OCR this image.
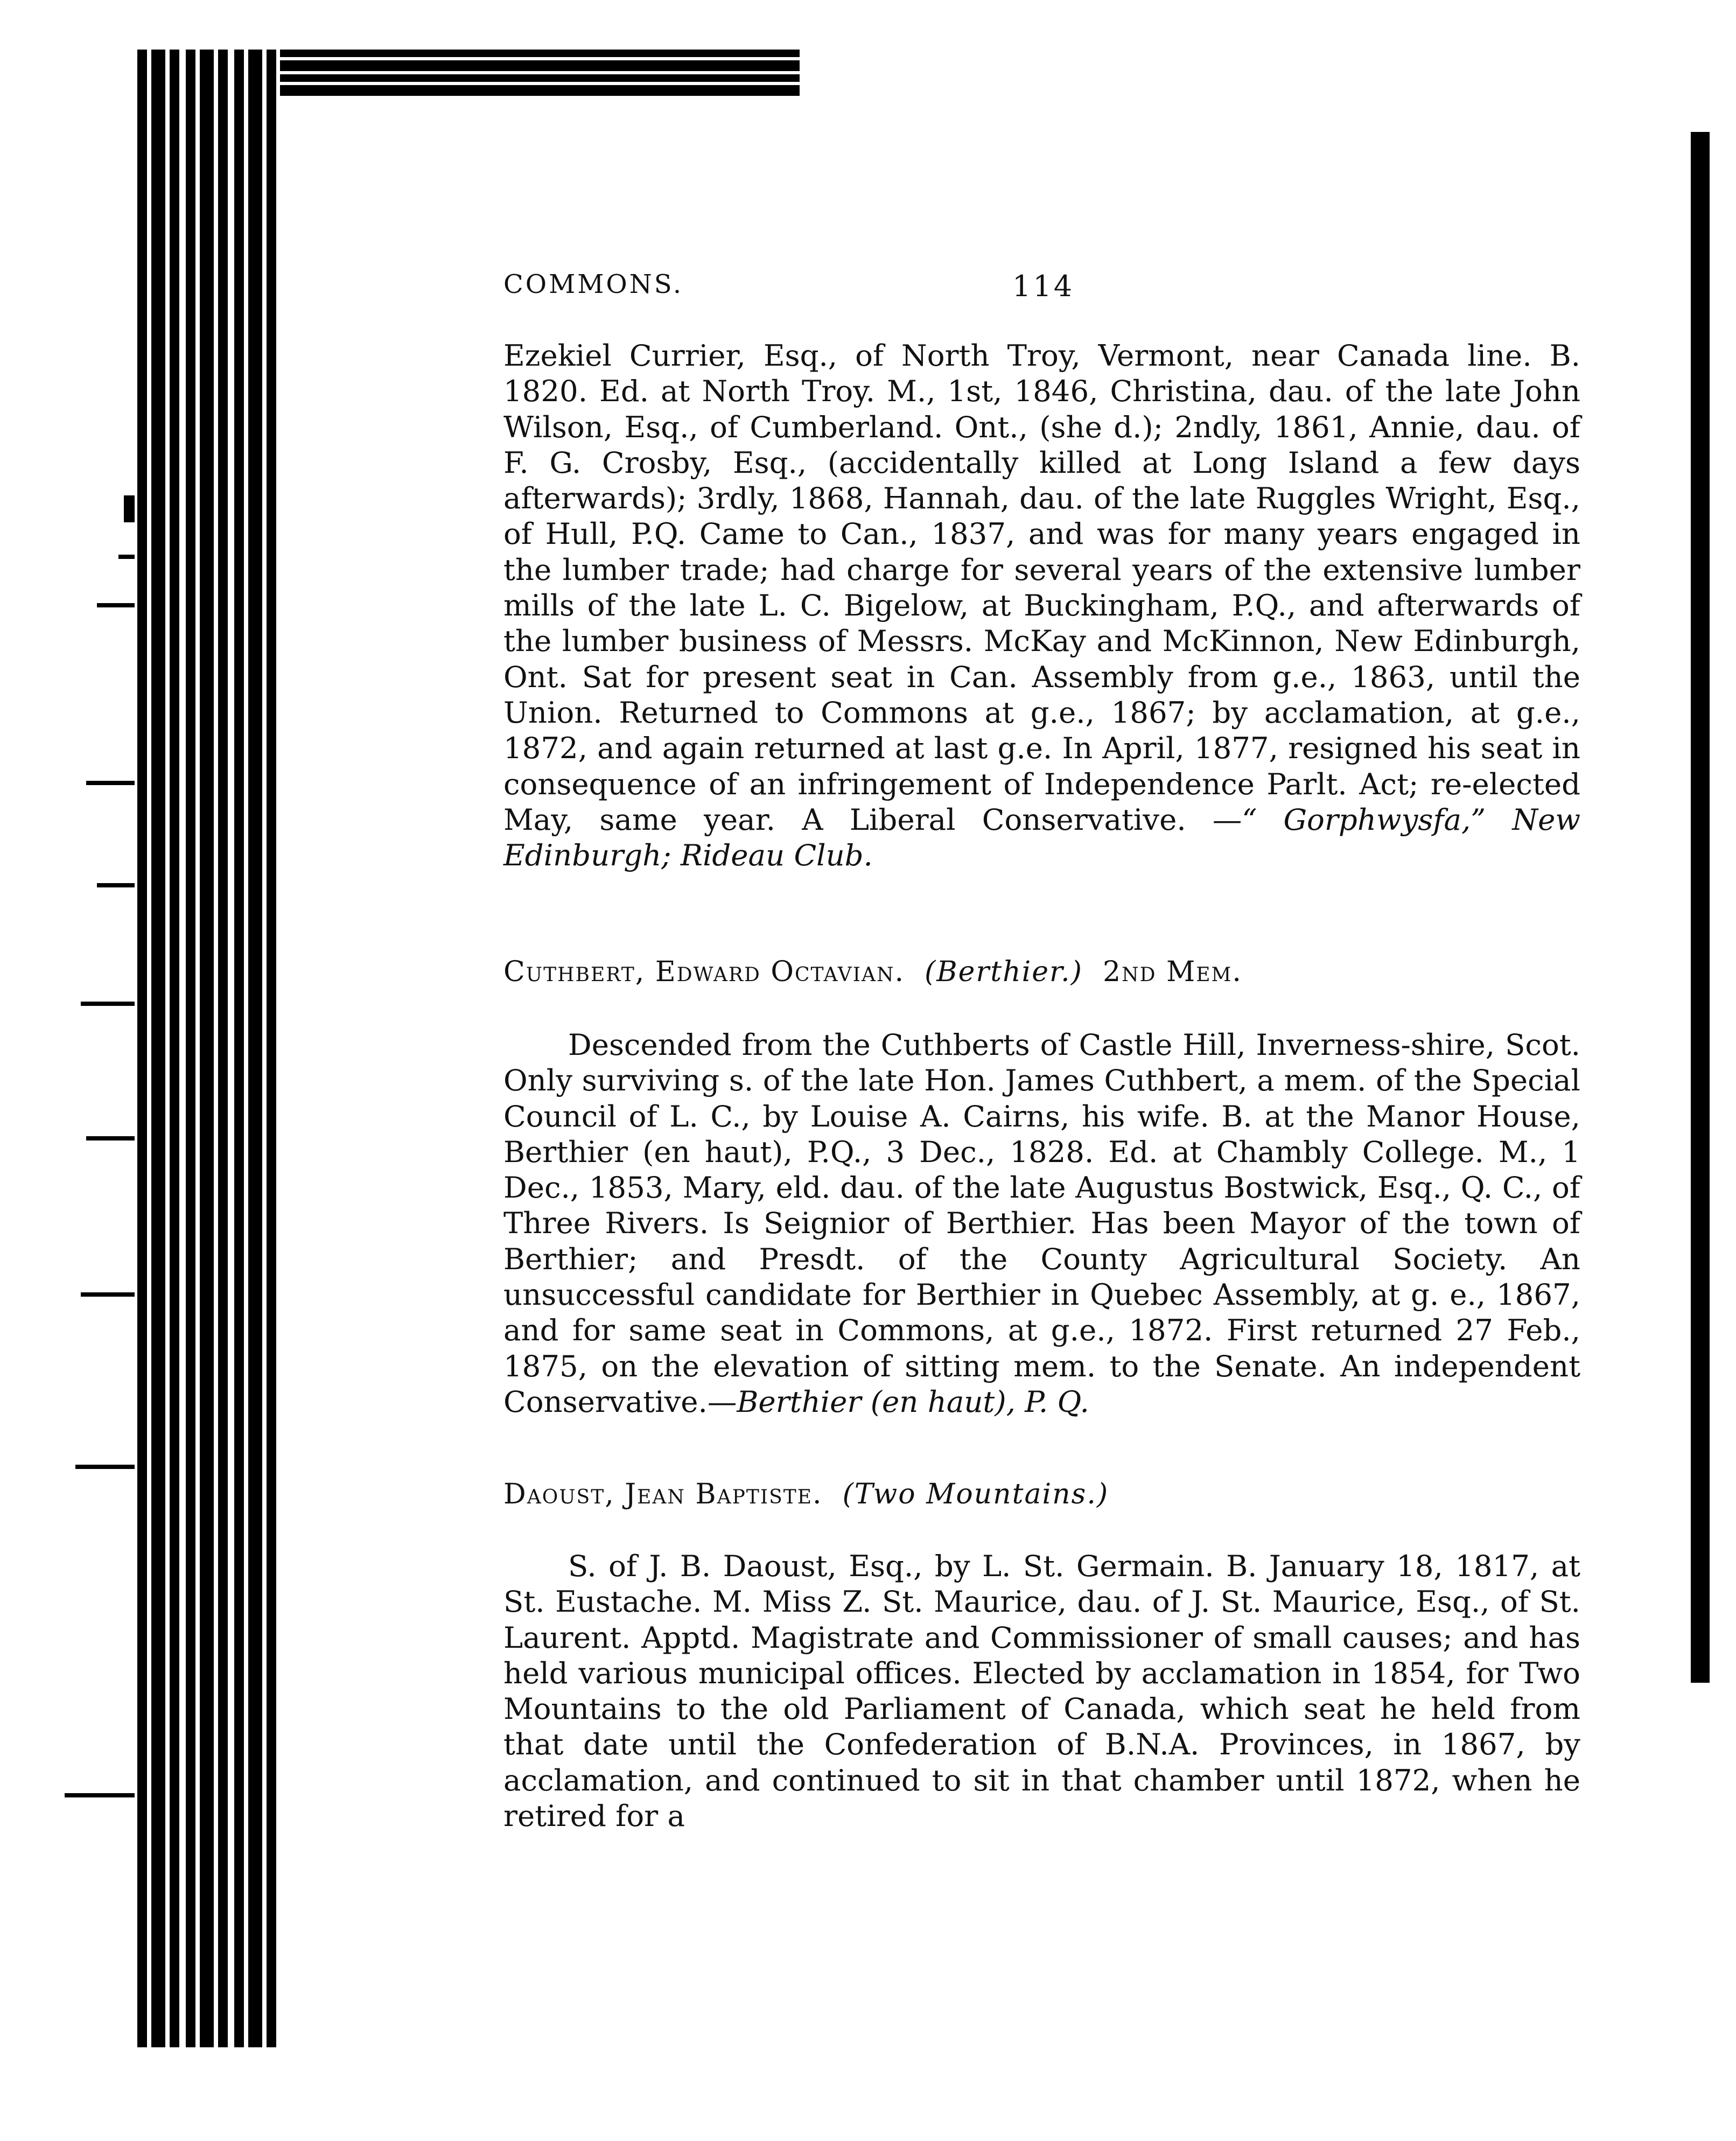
COMMONS.	114

Ezekiel Currier, Esq., of North Troy, Vermont, near Canada line. B. 1820. Ed. at North Troy. M., 1st, 1846, Christina, dau. of the late John Wilson, Esq., of Cumberland. Ont., (she d.); 2ndly, 1861, Annie, dau. of F. G. Crosby, Esq., (accidentally killed at Long Island a few days afterwards); 3rdly, 1868, Hannah, dau. of the late Ruggles Wright, Esq., of Hull, P.Q. Came to Can., 1837, and was for many years engaged in the lumber trade; had charge for several years of the extensive lumber mills of the late L. C. Bigelow, at Buckingham, P.Q., and afterwards of the lumber business of Messrs. McKay and McKinnon, New Edinburgh, Ont. Sat for present seat in Can. Assembly from g.e., 1863, until the Union. Returned to Commons at g.e., 1867; by acclamation, at g.e., 1872, and again returned at last g.e. In April, 1877, resigned his seat in consequence of an infringement of Independence Parlt. Act; re-elected May, same year. A Liberal Conservative. —“ Gorphwysfa,” New Edinburgh; Rideau Club.

Cuthbert, Edward Octavian. (Berthier.) 2nd Mem.

Descended from the Cuthberts of Castle Hill, Inverness-shire, Scot. Only surviving s. of the late Hon. James Cuthbert, a mem. of the Special Council of L. C., by Louise A. Cairns, his wife. B. at the Manor House, Berthier (en haut), P.Q., 3 Dec., 1828. Ed. at Chambly College. M., 1 Dec., 1853, Mary, eld. dau. of the late Augustus Bostwick, Esq., Q. C., of Three Rivers. Is Seignior of Berthier. Has been Mayor of the town of Berthier; and Presdt. of the County Agricultural Society. An unsuccessful candidate for Berthier in Quebec Assembly, at g. e., 1867, and for same seat in Commons, at g.e., 1872. First returned 27 Feb., 1875, on the elevation of sitting mem. to the Senate. An independent Conservative.—Berthier (en haut), P. Q.

Daoust, Jean Baptiste. (Two Mountains.)

S. of J. B. Daoust, Esq., by L. St. Germain. B. January 18, 1817, at St. Eustache. M. Miss Z. St. Maurice, dau. of J. St. Maurice, Esq., of St. Laurent. Apptd. Magistrate and Commissioner of small causes; and has held various municipal offices. Elected by acclamation in 1854, for Two Mountains to the old Parliament of Canada, which seat he held from that date until the Confederation of B.N.A. Provinces, in 1867, by acclamation, and continued to sit in that chamber until 1872, when he retired for a
